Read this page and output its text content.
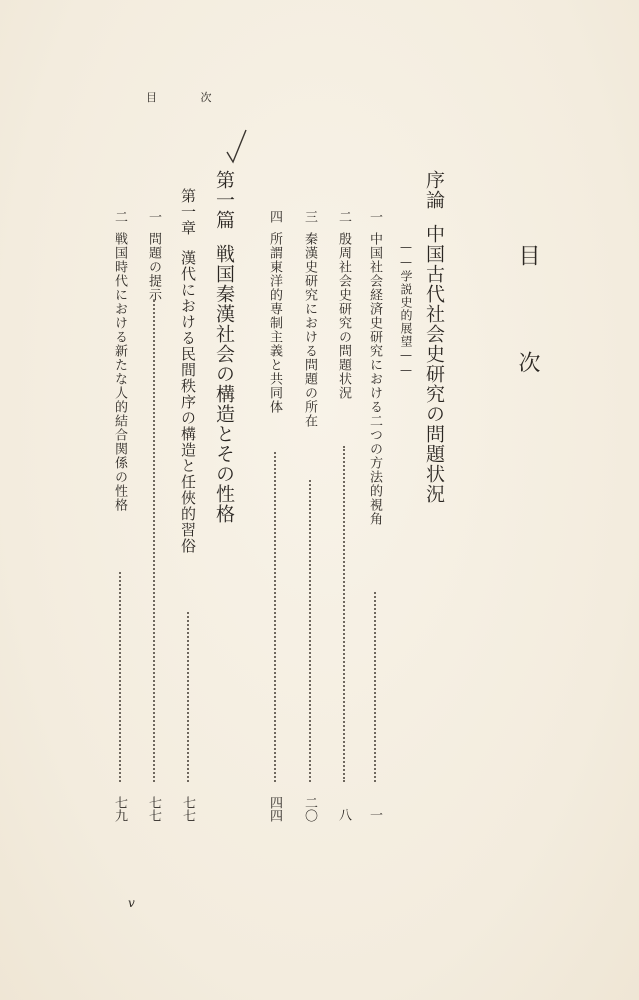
目 次
目 次
序論中国古代社会史研究の問題状況
——学説史的展望——
一中国社会経済史研究における二つの方法的視角
一
二殷周社会史研究の問題状況
八
三秦漢史研究における問題の所在
二〇
四所謂東洋的専制主義と共同体
四四
第一篇戦国秦漢社会の構造とその性格
第一章漢代における民間秩序の構造と任俠的習俗
七七
一問題の提示
七七
二戦国時代における新たな人的結合関係の性格
七九
v
